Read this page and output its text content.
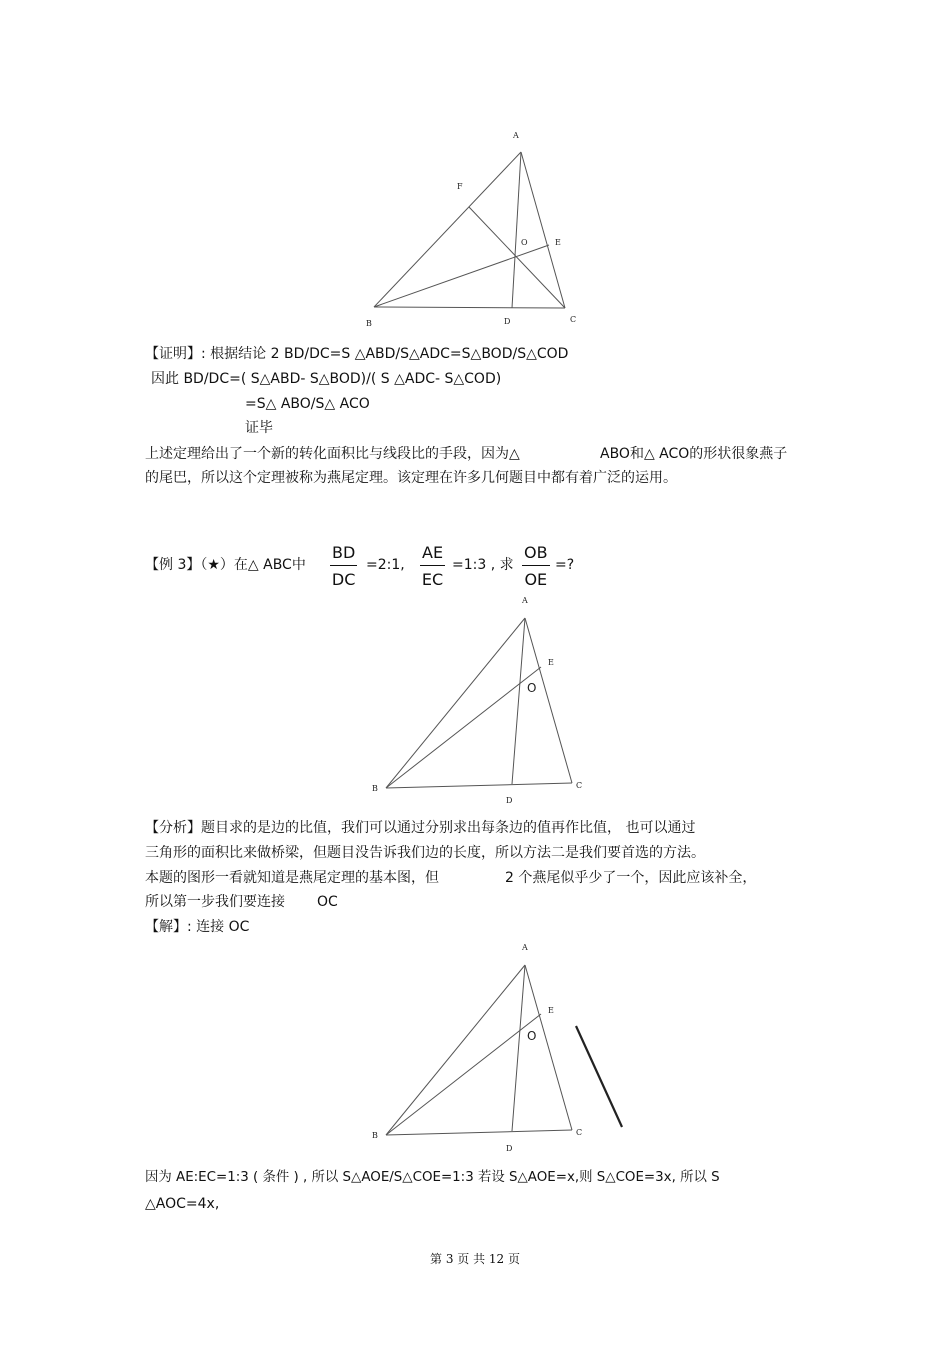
A
F
O	E
B	D	C
【证明】: 根据结论 2 BD/DC=S △ABD/S△ADC=S△BOD/S△COD
因此 BD/DC=( S△ABD- S△BOD)/( S △ADC- S△COD)
=S△ ABO/S△ ACO
证毕
上述定理给出了一个新的转化面积比与线段比的手段，因为△	ABO和△ ACO的形状很象燕子
的尾巴，所以这个定理被称为燕尾定理。该定理在许多几何题目中都有着广泛的运用。
【例 3】（★）在△ ABC中 $\frac{BD}{DC}$ =2:1, $\frac{AE}{EC}$ =1:3 , 求 $\frac{OB}{OE}$ =?
A
E
O
B	C
D
【分析】题目求的是边的比值，我们可以通过分别求出每条边的值再作比值， 也可以通过
三角形的面积比来做桥梁，但题目没告诉我们边的长度，所以方法二是我们要首选的方法。
本题的图形一看就知道是燕尾定理的基本图，但	2 个燕尾似乎少了一个，因此应该补全，
所以第一步我们要连接 OC
【解】: 连接 OC
A
E
O
B	C
D
因为 AE:EC=1:3 ( 条件 ) , 所以 S△AOE/S△COE=1:3 若设 S△AOE=x,则 S△COE=3x, 所以 S
△AOC=4x,
第 3 页 共 12 页
